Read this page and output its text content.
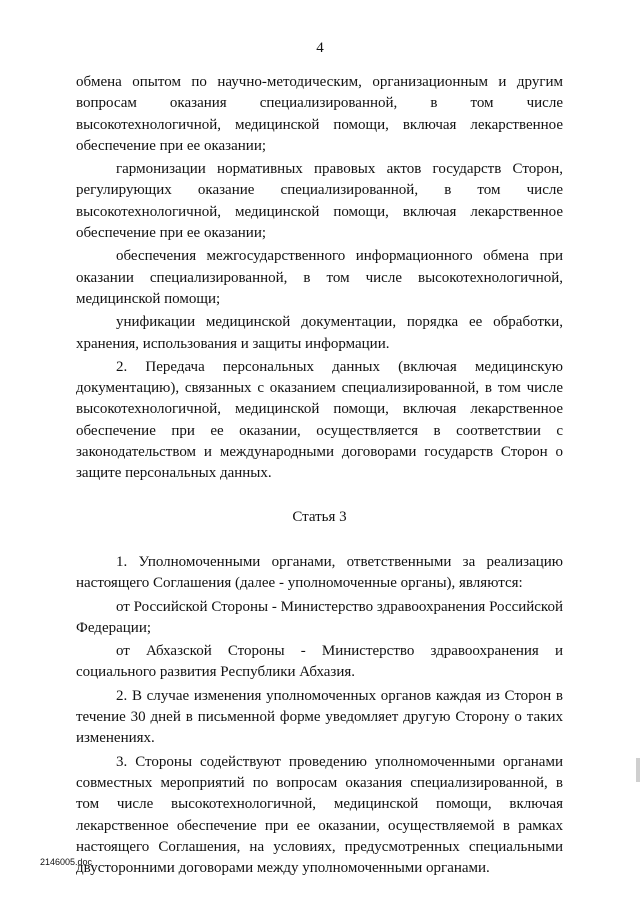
4

обмена опытом по научно-методическим, организационным и другим вопросам оказания специализированной, в том числе высокотехнологичной, медицинской помощи, включая лекарственное обеспечение при ее оказании;

гармонизации нормативных правовых актов государств Сторон, регулирующих оказание специализированной, в том числе высокотехнологичной, медицинской помощи, включая лекарственное обеспечение при ее оказании;

обеспечения межгосударственного информационного обмена при оказании специализированной, в том числе высокотехнологичной, медицинской помощи;

унификации медицинской документации, порядка ее обработки, хранения, использования и защиты информации.

2. Передача персональных данных (включая медицинскую документацию), связанных с оказанием специализированной, в том числе высокотехнологичной, медицинской помощи, включая лекарственное обеспечение при ее оказании, осуществляется в соответствии с законодательством и международными договорами государств Сторон о защите персональных данных.

Статья 3

1. Уполномоченными органами, ответственными за реализацию настоящего Соглашения (далее - уполномоченные органы), являются:

от Российской Стороны - Министерство здравоохранения Российской Федерации;

от Абхазской Стороны - Министерство здравоохранения и социального развития Республики Абхазия.

2. В случае изменения уполномоченных органов каждая из Сторон в течение 30 дней в письменной форме уведомляет другую Сторону о таких изменениях.

3. Стороны содействуют проведению уполномоченными органами совместных мероприятий по вопросам оказания специализированной, в том числе высокотехнологичной, медицинской помощи, включая лекарственное обеспечение при ее оказании, осуществляемой в рамках настоящего Соглашения, на условиях, предусмотренных специальными двусторонними договорами между уполномоченными органами.

2146005.doc
